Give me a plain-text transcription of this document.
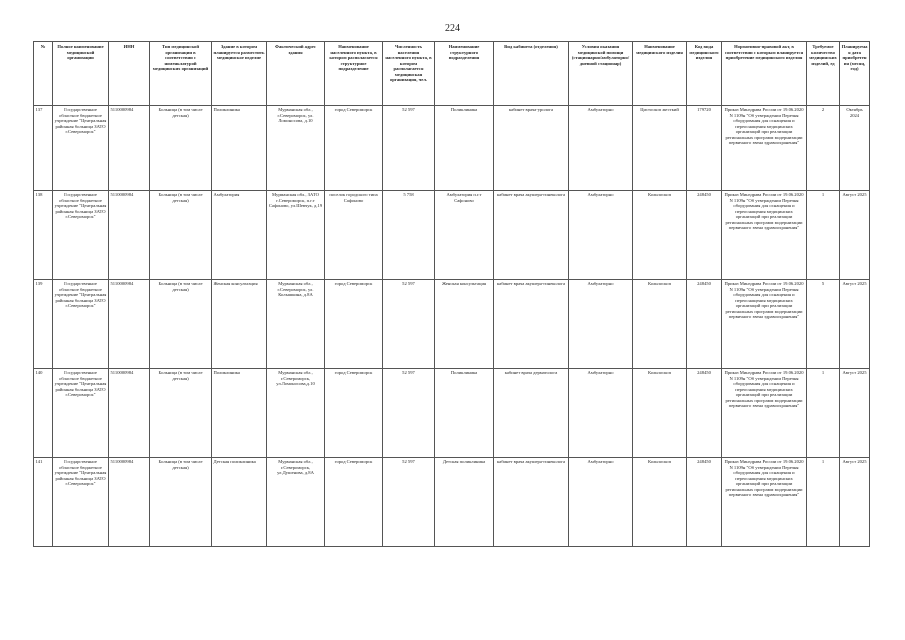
224
№	Полное наименование медицинской организации	ИНН	Тип медицинской организации в соответствии с номенклатурой медицинских организаций	Здание в котором планируется разместить медицинское изделие	Фактический адрес здания	Наименование населенного пункта, в котором располагается структурное подразделение	Численность населения населенного пункта, в котором располагается медицинская организация, чел.	Наименование структурного подразделения	Вид кабинета (отделения)	Условия оказания медицинской помощи (стационарно/амбулаторно/дневной стационар)	Наименование медицинского изделия	Код вида медицинского изделия	Нормативно-правовой акт, в соответствии с которым планируется приобретение медицинского изделия	Требуемое количество медицинских изделий, ед	Планируемая дата приобретения (месяц, год)
137	Государственное областное бюджетное учреждение "Центральная районная больница ЗАТО г.Североморск"	5110000984	Больница (в том числе детская)	Поликлиника	Мурманская обл., г.Североморск, ул. Ломоносова, д.10	город Североморск	52 597	Поликлиника	кабинет врача-уролога	Амбулаторно	Цистоскоп жесткий	179720	Приказ Минздрава России от 19.06.2020 N 1109н "Об утверждении Перечня оборудования для оснащения и переоснащения медицинских организаций при реализации региональных программ модернизации первичного звена здравоохранения"	2	Октябрь 2024
138	Государственное областное бюджетное учреждение "Центральная районная больница ЗАТО г.Североморск"	5110000984	Больница (в том числе детская)	Амбулатория	Мурманская обл., ЗАТО г.Североморск, п.г.т Сафоново, ул.Шевчук, д.19	поселок городского типа Сафоново	5 758	Амбулатория п.г.т Сафоново	кабинет врача акушера-гинеколога	Амбулаторно	Кольпоскоп	248450	Приказ Минздрава России от 19.06.2020 N 1109н "Об утверждении Перечня оборудования для оснащения и переоснащения медицинских организаций при реализации региональных программ модернизации первичного звена здравоохранения"	1	Август 2025
139	Государственное областное бюджетное учреждение "Центральная районная больница ЗАТО г.Североморск"	5110000984	Больница (в том числе детская)	Женская консультация	Мурманская обл., г.Североморск, ул. Колышкина, д.8А	город Североморск	52 597	Женская консультация	кабинет врача акушера-гинеколога	Амбулаторно	Кольпоскоп	248450	Приказ Минздрава России от 19.06.2020 N 1109н "Об утверждении Перечня оборудования для оснащения и переоснащения медицинских организаций при реализации региональных программ модернизации первичного звена здравоохранения"	5	Август 2025
140	Государственное областное бюджетное учреждение "Центральная районная больница ЗАТО г.Североморск"	5110000984	Больница (в том числе детская)	Поликлиника	Мурманская обл., г.Североморск, ул.Ломоносова,д.10	город Североморск	52 597	Поликлиника	кабинет врача дерматолога	Амбулаторно	Кольпоскоп	248450	Приказ Минздрава России от 19.06.2020 N 1109н "Об утверждении Перечня оборудования для оснащения и переоснащения медицинских организаций при реализации региональных программ модернизации первичного звена здравоохранения"	1	Август 2025
141	Государственное областное бюджетное учреждение "Центральная районная больница ЗАТО г.Североморск"	5110000984	Больница (в том числе детская)	Детская поликлиника	Мурманская обл., г.Североморск, ул.Душенова, д.8А	город Североморск	52 597	Детская поликлиника	кабинет врача акушера-гинеколога	Амбулаторно	Кольпоскоп	248450	Приказ Минздрава России от 19.06.2020 N 1109н "Об утверждении Перечня оборудования для оснащения и переоснащения медицинских организаций при реализации региональных программ модернизации первичного звена здравоохранения"	1	Август 2025
